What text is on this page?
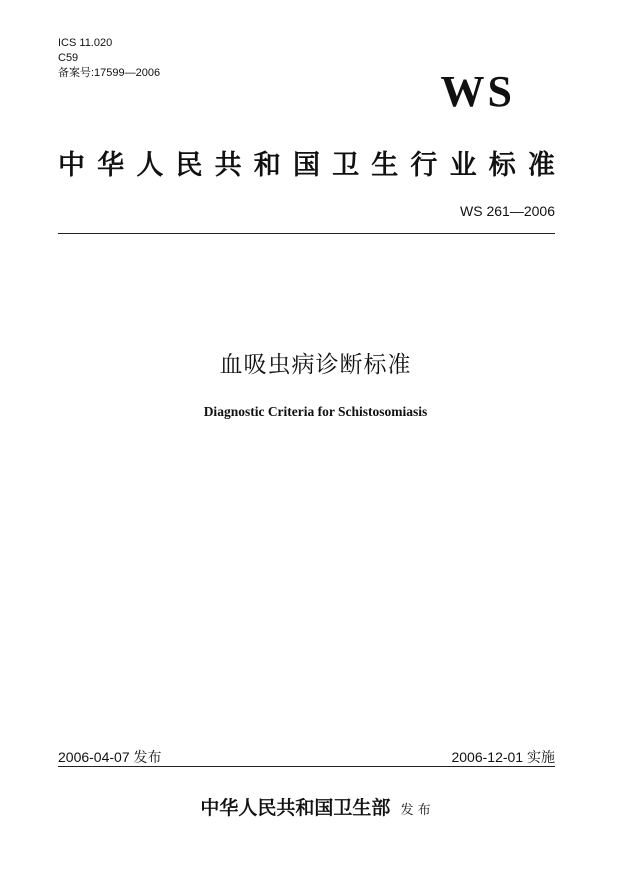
ICS 11.020
C59
备案号:17599—2006	WS
中 华 人 民 共 和 国 卫 生 行 业 标 准
WS 261—2006
血吸虫病诊断标准
Diagnostic Criteria for Schistosomiasis
2006-04-07 发布	2006-12-01 实施
中华人民共和国卫生部 发 布
